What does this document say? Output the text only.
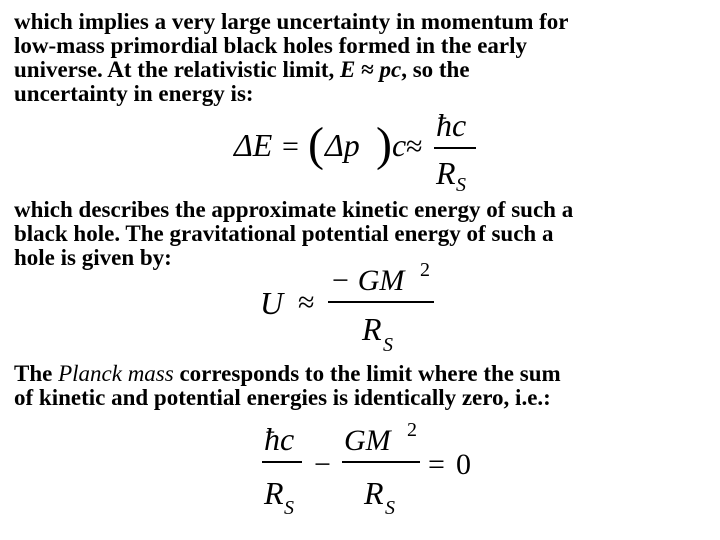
which implies a very large uncertainty in momentum for
low-mass primordial black holes formed in the early
universe. At the relativistic limit, E ≈ pc, so the
uncertainty in energy is:
ΔE = ( Δp ) c ≈
ħc
R S
which describes the approximate kinetic energy of such a
black hole. The gravitational potential energy of such a
hole is given by:
U ≈
− GM 2
R S
The Planck mass corresponds to the limit where the sum
of kinetic and potential energies is identically zero, i.e.:
ħc
R S
−
GM 2
R S
= 0
